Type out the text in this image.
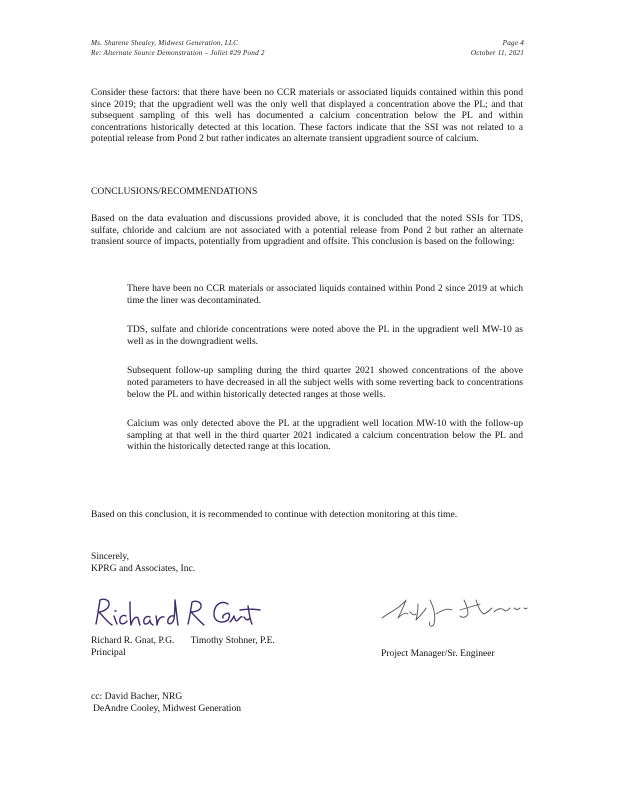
Ms. Sharene Shealey, Midwest Generation, LLC
Re: Alternate Source Demonstration – Joliet #29 Pond 2
Page 4
October 11, 2021
Consider these factors: that there have been no CCR materials or associated liquids contained within this pond since 2019; that the upgradient well was the only well that displayed a concentration above the PL; and that subsequent sampling of this well has documented a calcium concentration below the PL and within concentrations historically detected at this location. These factors indicate that the SSI was not related to a potential release from Pond 2 but rather indicates an alternate transient upgradient source of calcium.
CONCLUSIONS/RECOMMENDATIONS
Based on the data evaluation and discussions provided above, it is concluded that the noted SSIs for TDS, sulfate, chloride and calcium are not associated with a potential release from Pond 2 but rather an alternate transient source of impacts, potentially from upgradient and offsite. This conclusion is based on the following:
There have been no CCR materials or associated liquids contained within Pond 2 since 2019 at which time the liner was decontaminated.
TDS, sulfate and chloride concentrations were noted above the PL in the upgradient well MW-10 as well as in the downgradient wells.
Subsequent follow-up sampling during the third quarter 2021 showed concentrations of the above noted parameters to have decreased in all the subject wells with some reverting back to concentrations below the PL and within historically detected ranges at those wells.
Calcium was only detected above the PL at the upgradient well location MW-10 with the follow-up sampling at that well in the third quarter 2021 indicated a calcium concentration below the PL and within the historically detected range at this location.
Based on this conclusion, it is recommended to continue with detection monitoring at this time.
Sincerely,
KPRG and Associates, Inc.
Richard R. Gnat, P.G. Timothy Stohner, P.E.
Principal	Project Manager/Sr. Engineer
cc: David Bacher, NRG
DeAndre Cooley, Midwest Generation
